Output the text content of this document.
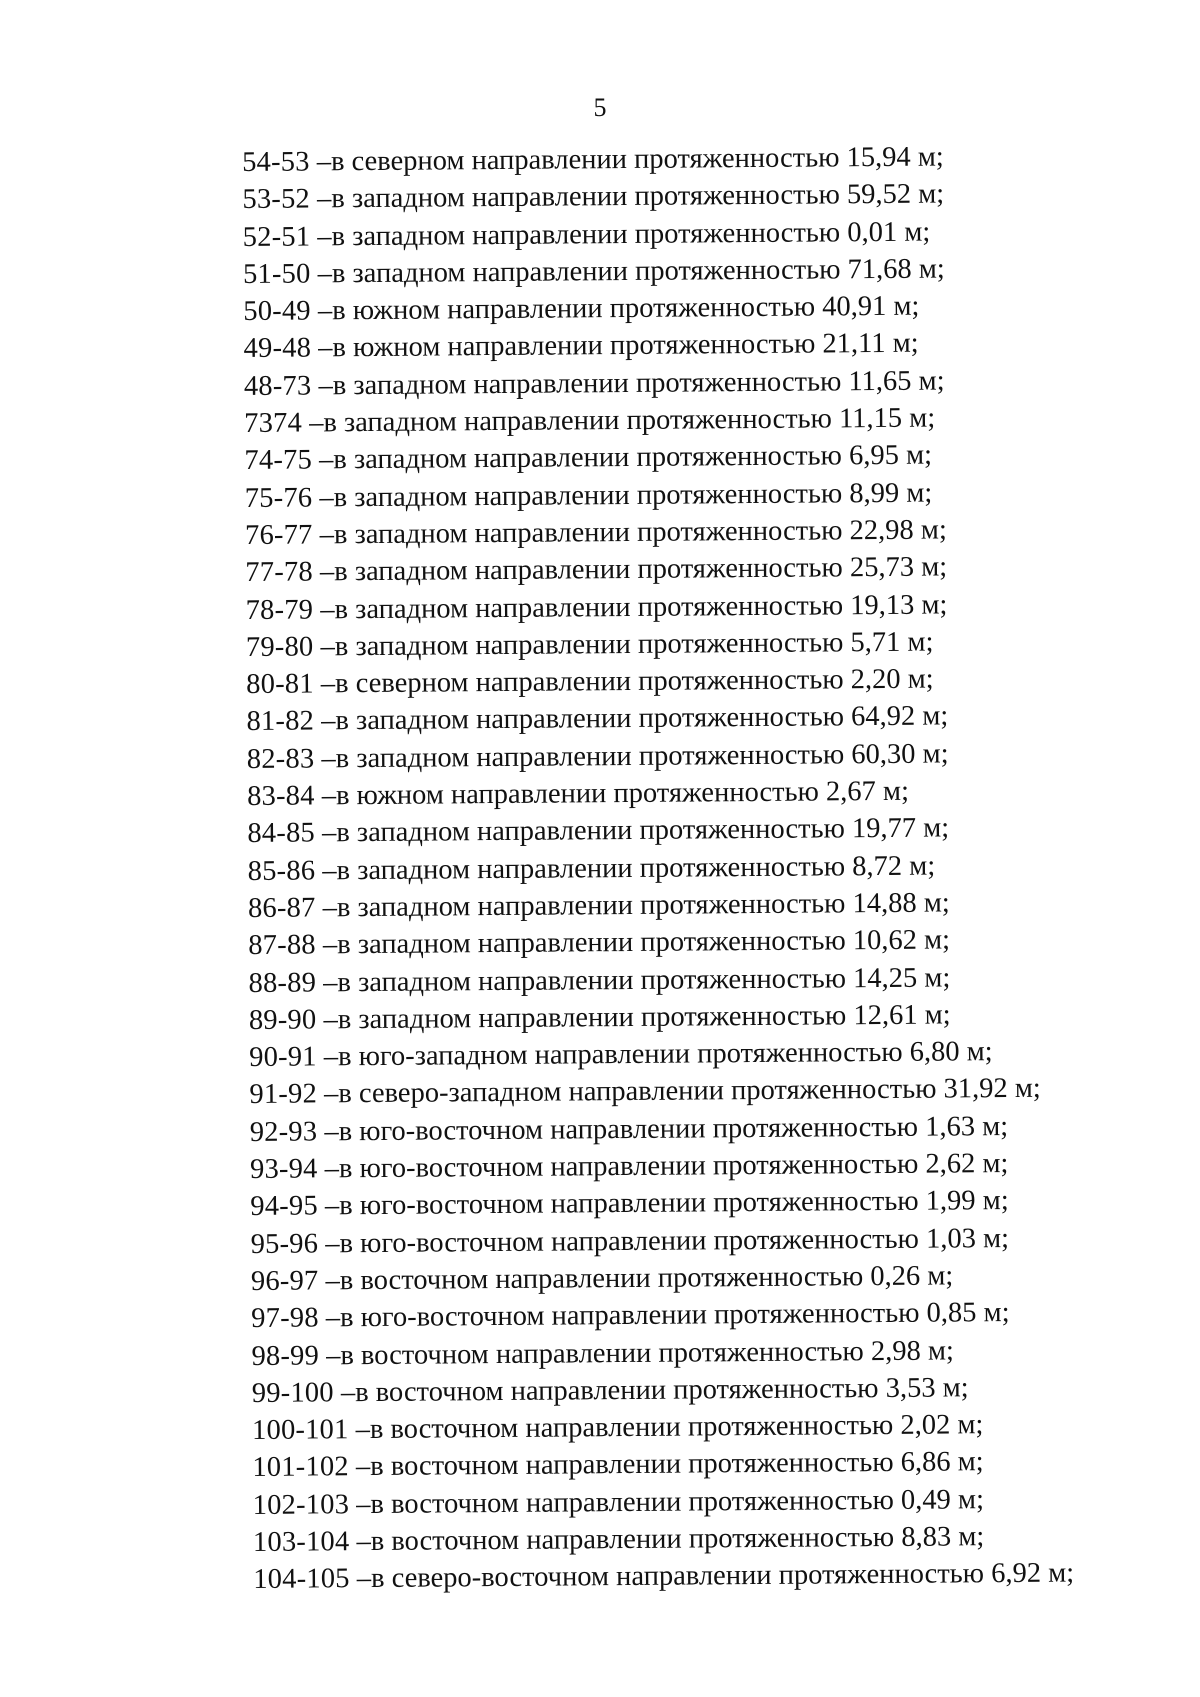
5
54-53 – в северном направлении протяженностью 15,94 м;
53-52 – в западном направлении протяженностью 59,52 м;
52-51 – в западном направлении протяженностью 0,01 м;
51-50 – в западном направлении протяженностью 71,68 м;
50-49 – в южном направлении протяженностью 40,91 м;
49-48 – в южном направлении протяженностью 21,11 м;
48-73 – в западном направлении протяженностью 11,65 м;
7374 – в западном направлении протяженностью 11,15 м;
74-75 – в западном направлении протяженностью 6,95 м;
75-76 – в западном направлении протяженностью 8,99 м;
76-77 – в западном направлении протяженностью 22,98 м;
77-78 – в западном направлении протяженностью 25,73 м;
78-79 – в западном направлении протяженностью 19,13 м;
79-80 – в западном направлении протяженностью 5,71 м;
80-81 – в северном направлении протяженностью 2,20 м;
81-82 – в западном направлении протяженностью 64,92 м;
82-83 – в западном направлении протяженностью 60,30 м;
83-84 – в южном направлении протяженностью 2,67 м;
84-85 – в западном направлении протяженностью 19,77 м;
85-86 – в западном направлении протяженностью 8,72 м;
86-87 – в западном направлении протяженностью 14,88 м;
87-88 – в западном направлении протяженностью 10,62 м;
88-89 – в западном направлении протяженностью 14,25 м;
89-90 – в западном направлении протяженностью 12,61 м;
90-91 – в юго-западном направлении протяженностью 6,80 м;
91-92 – в северо-западном направлении протяженностью 31,92 м;
92-93 – в юго-восточном направлении протяженностью 1,63 м;
93-94 – в юго-восточном направлении протяженностью 2,62 м;
94-95 – в юго-восточном направлении протяженностью 1,99 м;
95-96 – в юго-восточном направлении протяженностью 1,03 м;
96-97 – в восточном направлении протяженностью 0,26 м;
97-98 – в юго-восточном направлении протяженностью 0,85 м;
98-99 – в восточном направлении протяженностью 2,98 м;
99-100 – в восточном направлении протяженностью 3,53 м;
100-101 – в восточном направлении протяженностью 2,02 м;
101-102 – в восточном направлении протяженностью 6,86 м;
102-103 – в восточном направлении протяженностью 0,49 м;
103-104 – в восточном направлении протяженностью 8,83 м;
104-105 – в северо-восточном направлении протяженностью 6,92 м;
